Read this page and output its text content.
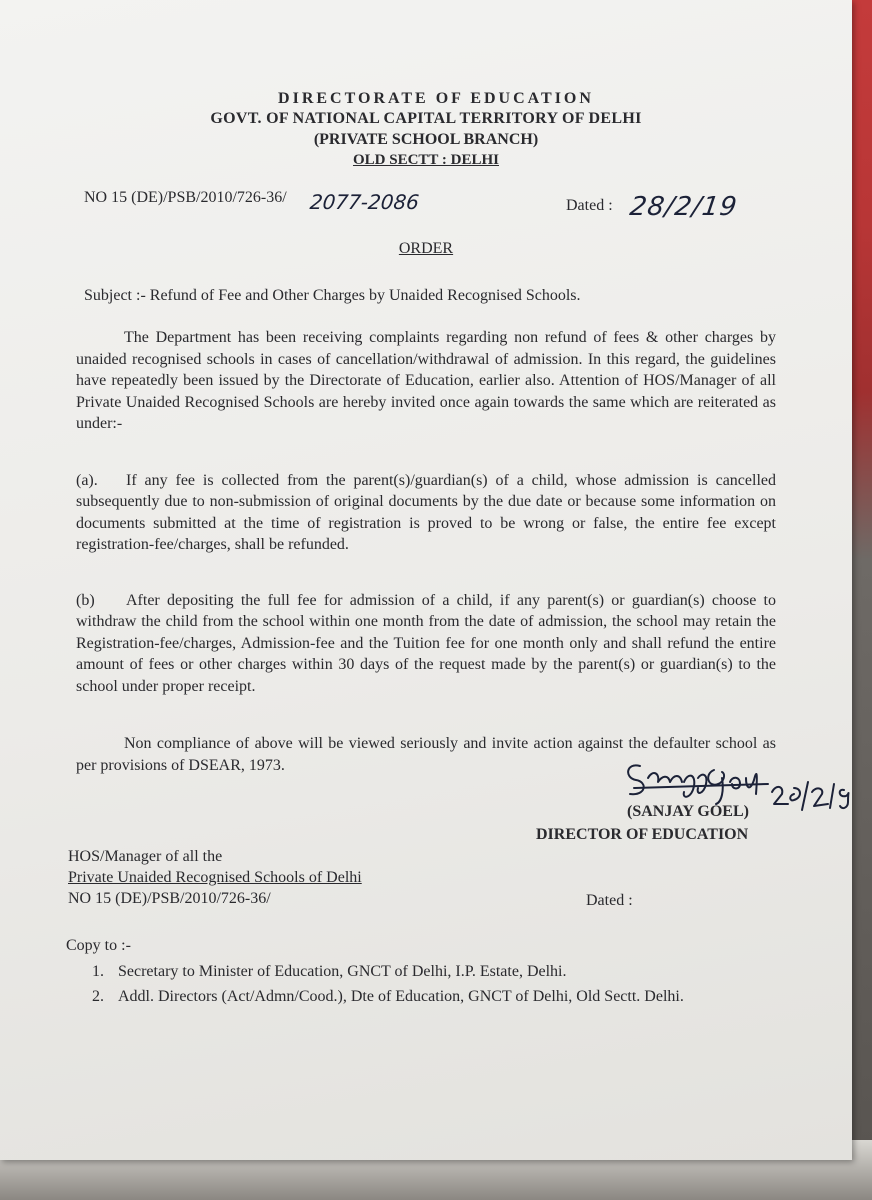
DIRECTORATE OF EDUCATION
GOVT. OF NATIONAL CAPITAL TERRITORY OF DELHI
(PRIVATE SCHOOL BRANCH)
OLD SECTT : DELHI
NO 15 (DE)/PSB/2010/726-36/ 2077-2086	Dated : 28/2/19
ORDER
Subject :- Refund of Fee and Other Charges by Unaided Recognised Schools.
The Department has been receiving complaints regarding non refund of fees & other charges by unaided recognised schools in cases of cancellation/withdrawal of admission. In this regard, the guidelines have repeatedly been issued by the Directorate of Education, earlier also. Attention of HOS/Manager of all Private Unaided Recognised Schools are hereby invited once again towards the same which are reiterated as under:-
(a). If any fee is collected from the parent(s)/guardian(s) of a child, whose admission is cancelled subsequently due to non-submission of original documents by the due date or because some information on documents submitted at the time of registration is proved to be wrong or false, the entire fee except registration-fee/charges, shall be refunded.
(b) After depositing the full fee for admission of a child, if any parent(s) or guardian(s) choose to withdraw the child from the school within one month from the date of admission, the school may retain the Registration-fee/charges, Admission-fee and the Tuition fee for one month only and shall refund the entire amount of fees or other charges within 30 days of the request made by the parent(s) or guardian(s) to the school under proper receipt.
Non compliance of above will be viewed seriously and invite action against the defaulter school as per provisions of DSEAR, 1973.
(SANJAY GOEL)
DIRECTOR OF EDUCATION
HOS/Manager of all the
Private Unaided Recognised Schools of Delhi
NO 15 (DE)/PSB/2010/726-36/	Dated :
Copy to :-
1. Secretary to Minister of Education, GNCT of Delhi, I.P. Estate, Delhi.
2. Addl. Directors (Act/Admn/Cood.), Dte of Education, GNCT of Delhi, Old Sectt. Delhi.
